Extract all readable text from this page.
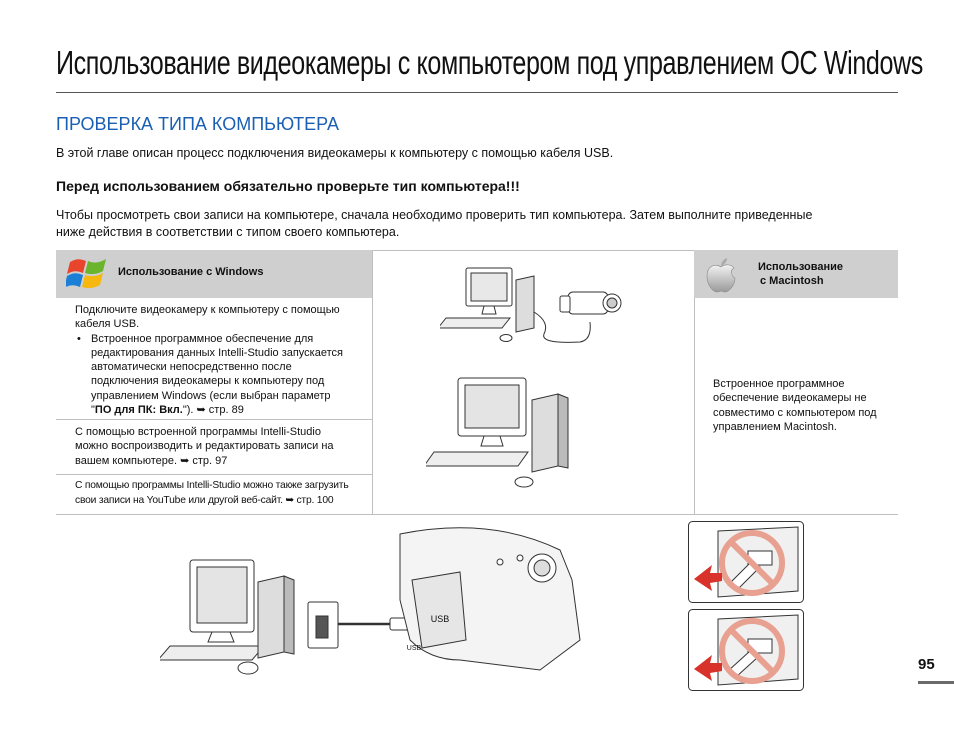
Использование видеокамеры с компьютером под управлением ОС Windows
ПРОВЕРКА ТИПА КОМПЬЮТЕРА
В этой главе описан процесс подключения видеокамеры к компьютеру с помощью кабеля USB.
Перед использованием обязательно проверьте тип компьютера!!!
Чтобы просмотреть свои записи на компьютере, сначала необходимо проверить тип компьютера. Затем выполните приведенные
ниже действия в соответствии с типом своего компьютера.
Использование с Windows	Использование
с Macintosh
Подключите видеокамеру к компьютеру с помощью
кабеля USB.
• Встроенное программное обеспечение для
редактирования данных Intelli-Studio запускается
автоматически непосредственно после
подключения видеокамеры к компьютеру под
управлением Windows (если выбран параметр
"ПО для ПК: Вкл."). ➥ стр. 89
С помощью встроенной программы Intelli-Studio
можно воспроизводить и редактировать записи на
вашем компьютере. ➥ стр. 97
С помощью программы Intelli-Studio можно также загрузить
свои записи на YouTube или другой веб-сайт. ➥ стр. 100
Встроенное программное
обеспечение видеокамеры не
совместимо с компьютером под
управлением Macintosh.
USB
USB
95
